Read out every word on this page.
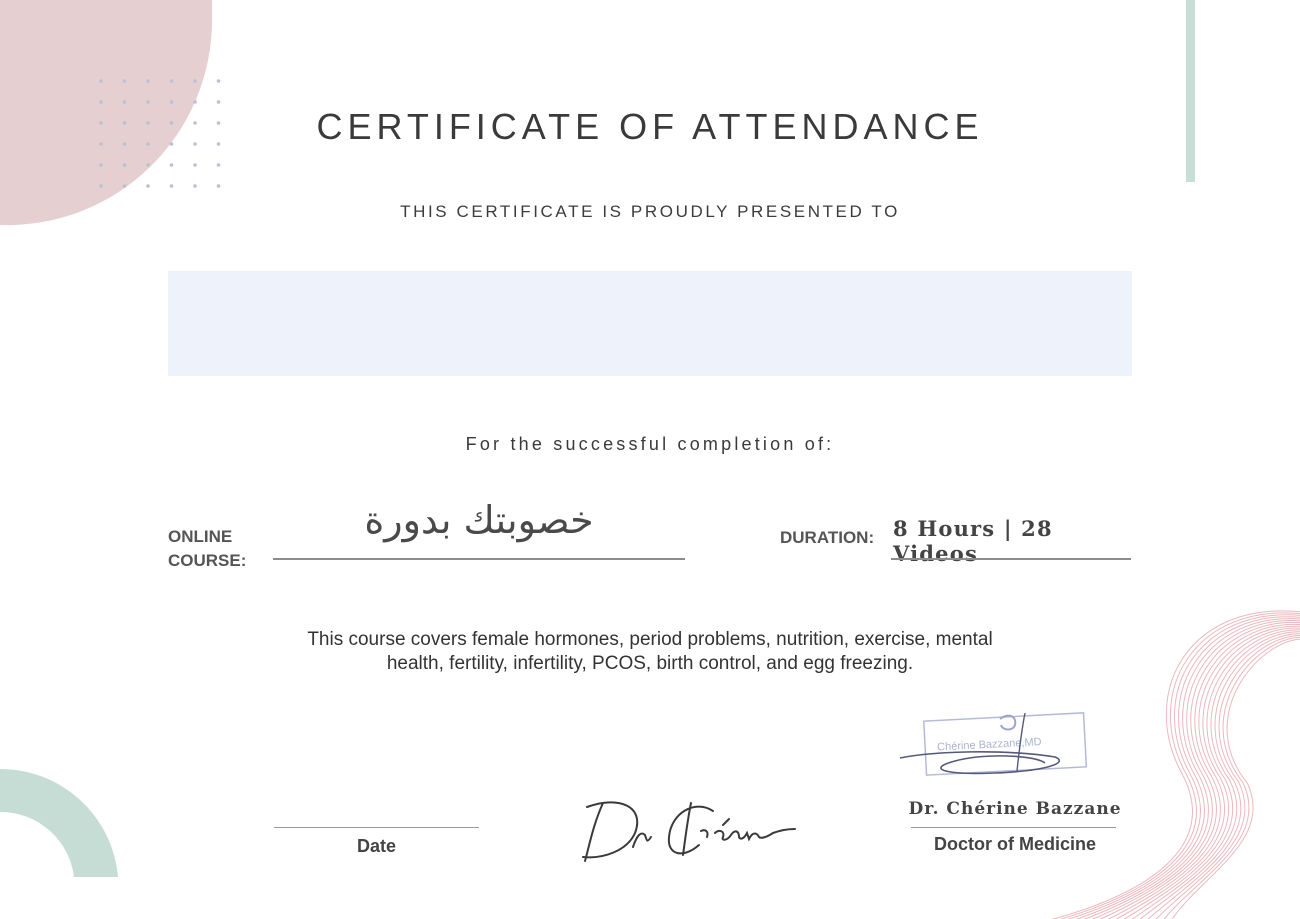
CERTIFICATE OF ATTENDANCE
THIS CERTIFICATE IS PROUDLY PRESENTED TO
For the successful completion of:
ONLINE
COURSE:
خصوبتك بدورة	DURATION: 8 Hours | 28 Videos
This course covers female hormones, period problems, nutrition, exercise, mental
health, fertility, infertility, PCOS, birth control, and egg freezing.
Date
Chérine Bazzane,MD
Dr. Chérine Bazzane
Doctor of Medicine
